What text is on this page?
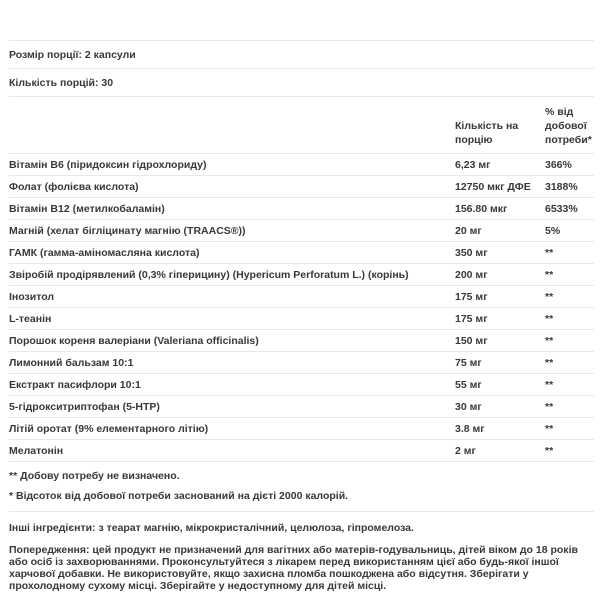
Розмір порції: 2 капсули		
Кількість порцій: 30		
	Кількість на порцію	% від добової потреби*
Вітамін B6 (піридоксин гідрохлориду)	6,23 мг	366%
Фолат (фолієва кислота)	12750 мкг ДФЕ	3188%
Вітамін B12 (метилкобаламін)	156.80 мкг	6533%
Магній (хелат бігліцинату магнію (TRAACS®))	20 мг	5%
ГАМК (гамма-аміномасляна кислота)	350 мг	**
Звіробій продірявлений (0,3% гіперицину) (Hypericum Perforatum L.) (корінь)	200 мг	**
Інозитол	175 мг	**
L-теанін	175 мг	**
Порошок кореня валеріани (Valeriana officinalis)	150 мг	**
Лимонний бальзам 10:1	75 мг	**
Екстракт пасифлори 10:1	55 мг	**
5-гідрокситриптофан (5-HTP)	30 мг	**
Літій оротат (9% елементарного літію)	3.8 мг	**
Мелатонін	2 мг	**

** Добову потребу не визначено.
* Відсоток від добової потреби заснований на дієті 2000 калорій.		

Інші інгредієнти: з теарат магнію, мікрокристалічний, целюлоза, гіпромелоза.

Попередження: цей продукт не призначений для вагітних або матерів-годувальниць, дітей віком до 18 років або осіб із захворюваннями. Проконсультуйтеся з лікарем перед використанням цієї або будь-якої іншої харчової добавки. Не використовуйте, якщо захисна пломба пошкоджена або відсутня. Зберігати у прохолодному сухому місці. Зберігайте у недоступному для дітей місці.
